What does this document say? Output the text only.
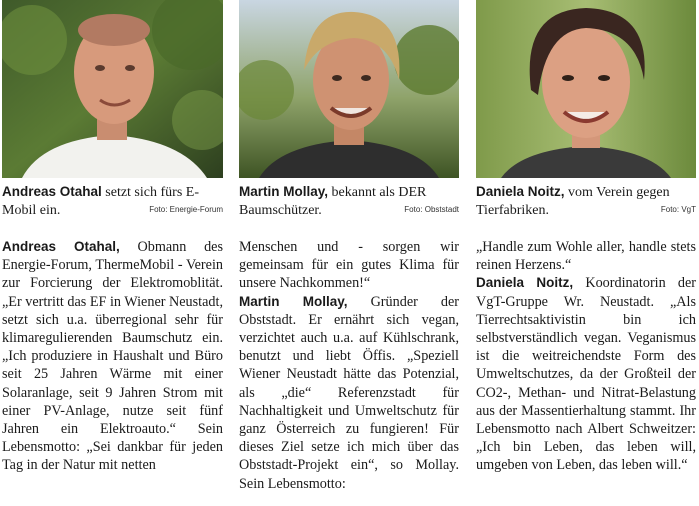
Andreas Otahal setzt sich fürs E-Mobil ein.	Foto: Energie-Forum

Andreas Otahal, Obmann des Energie-Forum, ThermeMobil - Verein zur Forcierung der Elektromoblität. „Er vertritt das EF in Wiener Neustadt, setzt sich u.a. überregional sehr für klimaregulierenden Baumschutz ein. „Ich produziere in Haushalt und Büro seit 25 Jahren Wärme mit einer Solaranlage, seit 9 Jahren Strom mit einer PV-Anlage, nutze seit fünf Jahren ein Elektroauto.“ Sein Lebensmotto: „Sei dankbar für jeden Tag in der Natur mit netten

Martin Mollay, bekannt als DER Baumschützer.	Foto: Obststadt

Menschen und - sorgen wir gemeinsam für ein gutes Klima für unsere Nachkommen!“

Martin Mollay, Gründer der Obststadt. Er ernährt sich vegan, verzichtet auch u.a. auf Kühlschrank, benutzt und liebt Öffis. „Speziell Wiener Neustadt hätte das Potenzial, als „die“ Referenzstadt für Nachhaltigkeit und Umweltschutz für ganz Österreich zu fungieren! Für dieses Ziel setze ich mich über das Obststadt-Projekt ein“, so Mollay. Sein Lebensmotto:

Daniela Noitz, vom Verein gegen Tierfabriken.	Foto: VgT

„Handle zum Wohle aller, handle stets reinen Herzens.“

Daniela Noitz, Koordinatorin der VgT-Gruppe Wr. Neustadt. „Als Tierrechtsaktivistin bin ich selbstverständlich vegan. Veganismus ist die weitreichendste Form des Umweltschutzes, da der Großteil der CO2-, Methan- und Nitrat-Belastung aus der Massentierhaltung stammt. Ihr Lebensmotto nach Albert Schweitzer: „Ich bin Leben, das leben will, umgeben von Leben, das leben will.“
